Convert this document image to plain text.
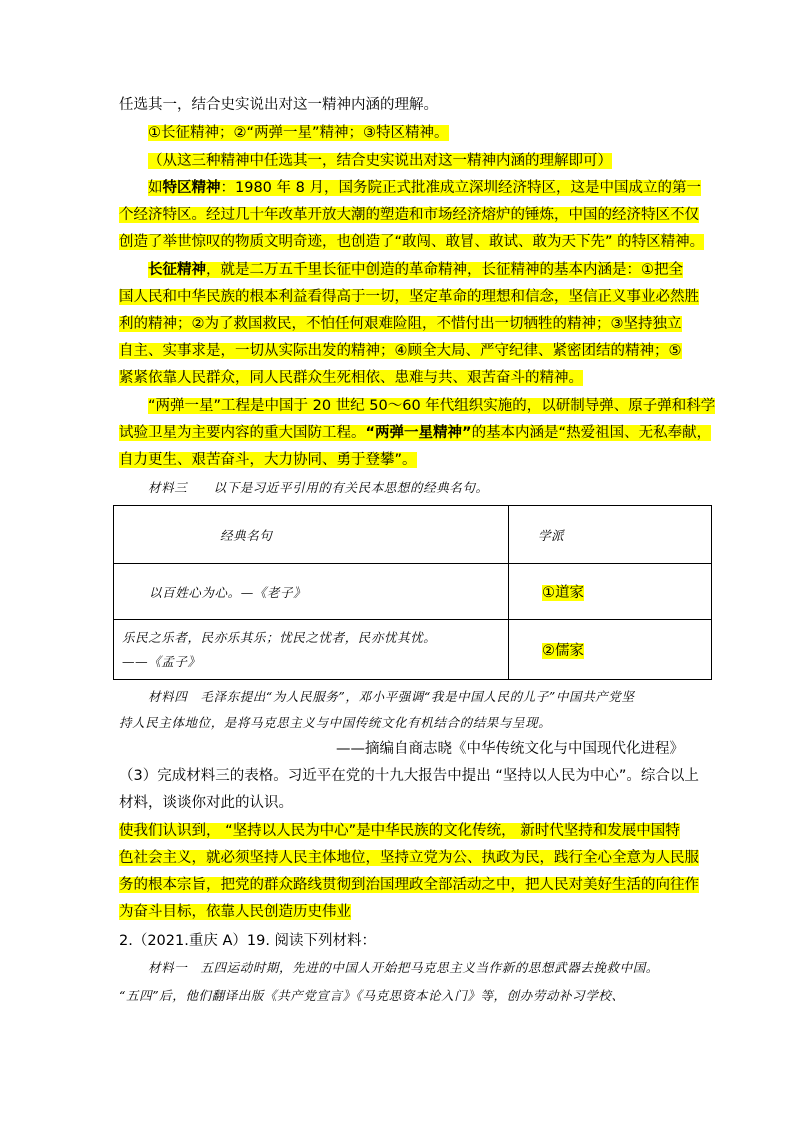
任选其一，结合史实说出对这一精神内涵的理解。
①长征精神；②“两弹一星”精神；③特区精神。
（从这三种精神中任选其一，结合史实说出对这一精神内涵的理解即可）
如特区精神：1980 年 8 月，国务院正式批准成立深圳经济特区，这是中国成立的第一
个经济特区。经过几十年改革开放大潮的塑造和市场经济熔炉的锤炼，中国的经济特区不仅
创造了举世惊叹的物质文明奇迹，也创造了“敢闯、敢冒、敢试、敢为天下先” 的特区精神。
长征精神，就是二万五千里长征中创造的革命精神，长征精神的基本内涵是：①把全
国人民和中华民族的根本利益看得高于一切，坚定革命的理想和信念，坚信正义事业必然胜
利的精神；②为了救国救民，不怕任何艰难险阻，不惜付出一切牺牲的精神；③坚持独立
自主、实事求是，一切从实际出发的精神；④顾全大局、严守纪律、紧密团结的精神；⑤
紧紧依靠人民群众，同人民群众生死相依、患难与共、艰苦奋斗的精神。
“两弹一星”工程是中国于 20 世纪 50～60 年代组织实施的，以研制导弹、原子弹和科学
试验卫星为主要内容的重大国防工程。“两弹一星精神”的基本内涵是“热爱祖国、无私奉献，
自力更生、艰苦奋斗，大力协同、勇于登攀”。
材料三　　以下是习近平引用的有关民本思想的经典名句。
经典名句	学派

以百姓心为心。—《老子》	①道家

乐民之乐者，民亦乐其乐；忧民之忧者，民亦忧其忧。
——《孟子》	②儒家
材料四　毛泽东提出“为人民服务”，邓小平强调“我是中国人民的儿子”中国共产党坚
持人民主体地位，是将马克思主义与中国传统文化有机结合的结果与呈现。
——摘编自商志晓《中华传统文化与中国现代化进程》
（3）完成材料三的表格。习近平在党的十九大报告中提出 “坚持以人民为中心”。综合以上
材料，谈谈你对此的认识。
使我们认识到， “坚持以人民为中心”是中华民族的文化传统， 新时代坚持和发展中国特
色社会主义，就必须坚持人民主体地位，坚持立党为公、执政为民，践行全心全意为人民服
务的根本宗旨，把党的群众路线贯彻到治国理政全部活动之中，把人民对美好生活的向往作
为奋斗目标，依靠人民创造历史伟业
2.（2021.重庆 A）19. 阅读下列材料：
材料一　五四运动时期，先进的中国人开始把马克思主义当作新的思想武器去挽救中国。
“五四”后，他们翻译出版《共产党宣言》《马克思资本论入门》等，创办劳动补习学校、
